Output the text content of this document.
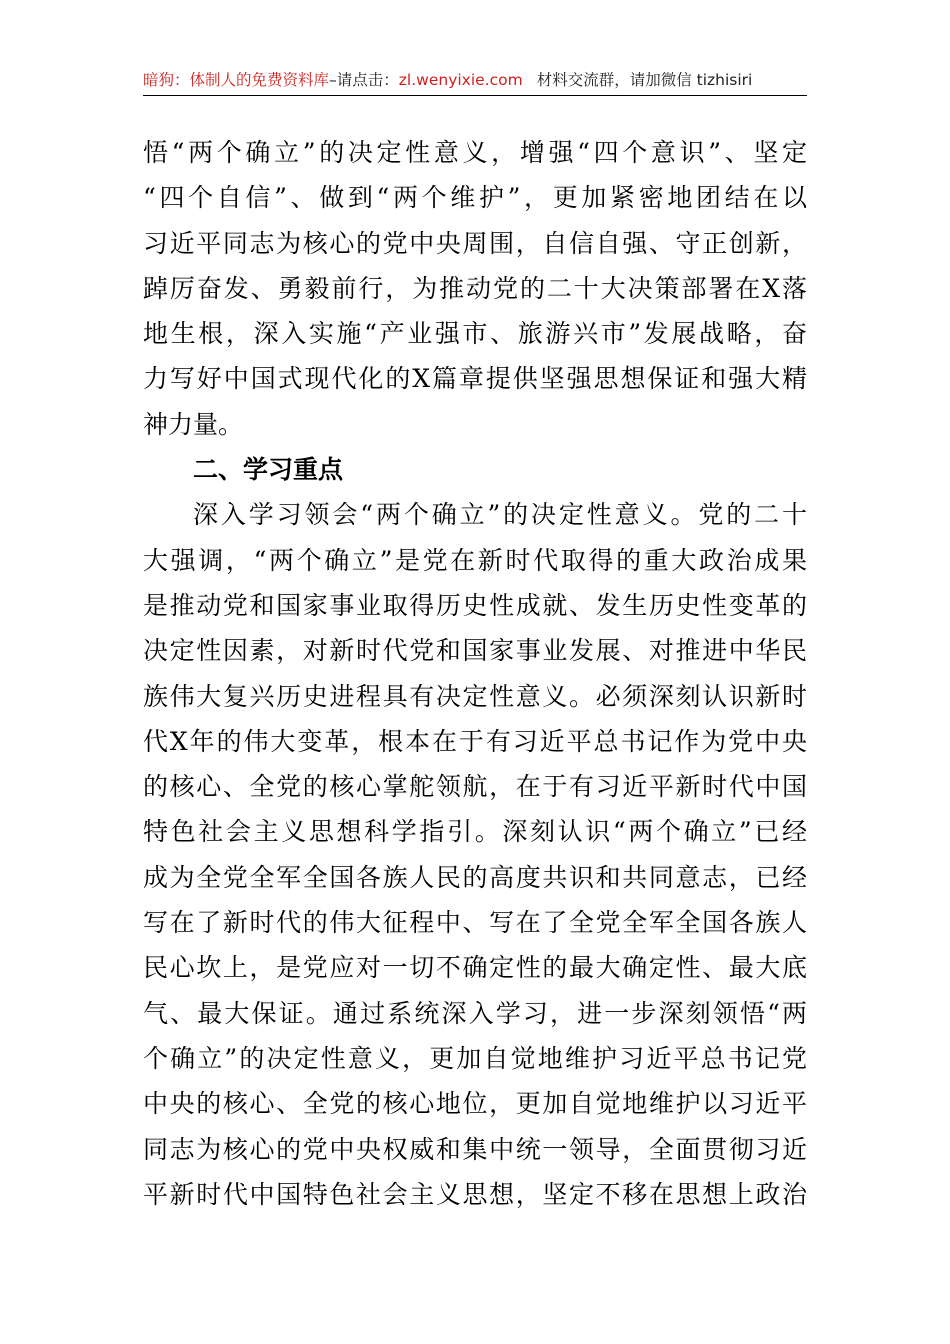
暗狗：体制人的免费资料库–请点击：zl.wenyixie.com 材料交流群，请加微信 tizhisiri
悟“两个确立”的决定性意义，增强“四个意识”、坚定
“四个自信”、做到“两个维护”，更加紧密地团结在以
习近平同志为核心的党中央周围，自信自强、守正创新，
踔厉奋发、勇毅前行，为推动党的二十大决策部署在X落
地生根，深入实施“产业强市、旅游兴市”发展战略，奋
力写好中国式现代化的X篇章提供坚强思想保证和强大精
神力量。
二、学习重点
深入学习领会“两个确立”的决定性意义。党的二十
大强调，“两个确立”是党在新时代取得的重大政治成果
是推动党和国家事业取得历史性成就、发生历史性变革的
决定性因素，对新时代党和国家事业发展、对推进中华民
族伟大复兴历史进程具有决定性意义。必须深刻认识新时
代X年的伟大变革，根本在于有习近平总书记作为党中央
的核心、全党的核心掌舵领航，在于有习近平新时代中国
特色社会主义思想科学指引。深刻认识“两个确立”已经
成为全党全军全国各族人民的高度共识和共同意志，已经
写在了新时代的伟大征程中、写在了全党全军全国各族人
民心坎上，是党应对一切不确定性的最大确定性、最大底
气、最大保证。通过系统深入学习，进一步深刻领悟“两
个确立”的决定性意义，更加自觉地维护习近平总书记党
中央的核心、全党的核心地位，更加自觉地维护以习近平
同志为核心的党中央权威和集中统一领导，全面贯彻习近
平新时代中国特色社会主义思想，坚定不移在思想上政治
